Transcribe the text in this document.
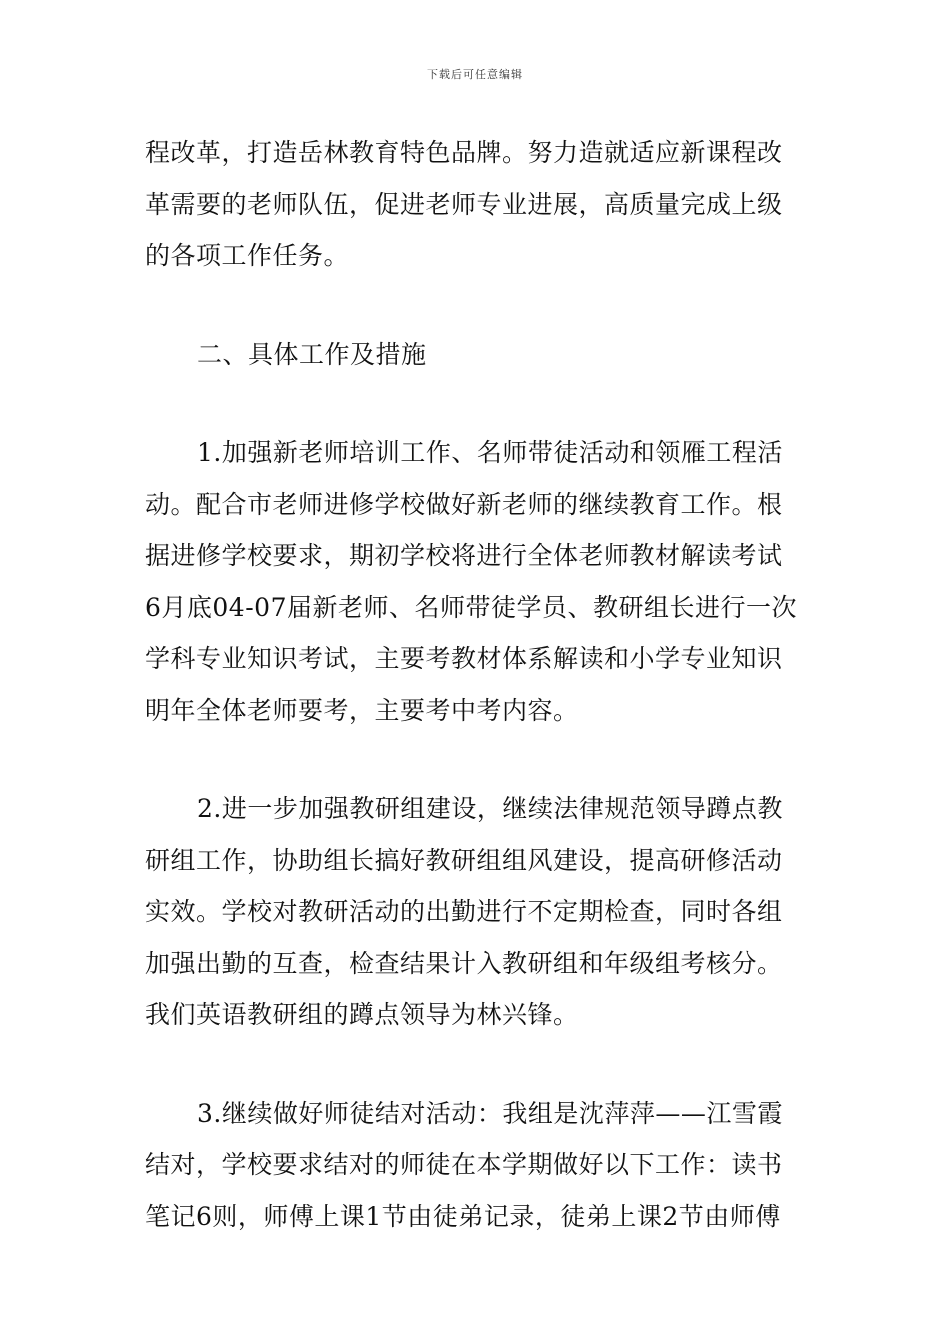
下载后可任意编辑
程改革，打造岳林教育特色品牌。努力造就适应新课程改
革需要的老师队伍，促进老师专业进展，高质量完成上级
的各项工作任务。
二、具体工作及措施
1.加强新老师培训工作、名师带徒活动和领雁工程活
动。配合市老师进修学校做好新老师的继续教育工作。根
据进修学校要求，期初学校将进行全体老师教材解读考试
6月底04-07届新老师、名师带徒学员、教研组长进行一次
学科专业知识考试，主要考教材体系解读和小学专业知识
明年全体老师要考，主要考中考内容。
2.进一步加强教研组建设，继续法律规范领导蹲点教
研组工作，协助组长搞好教研组组风建设，提高研修活动
实效。学校对教研活动的出勤进行不定期检查，同时各组
加强出勤的互查，检查结果计入教研组和年级组考核分。
我们英语教研组的蹲点领导为林兴锋。
3.继续做好师徒结对活动：我组是沈萍萍——江雪霞
结对，学校要求结对的师徒在本学期做好以下工作：读书
笔记6则，师傅上课1节由徒弟记录，徒弟上课2节由师傅
